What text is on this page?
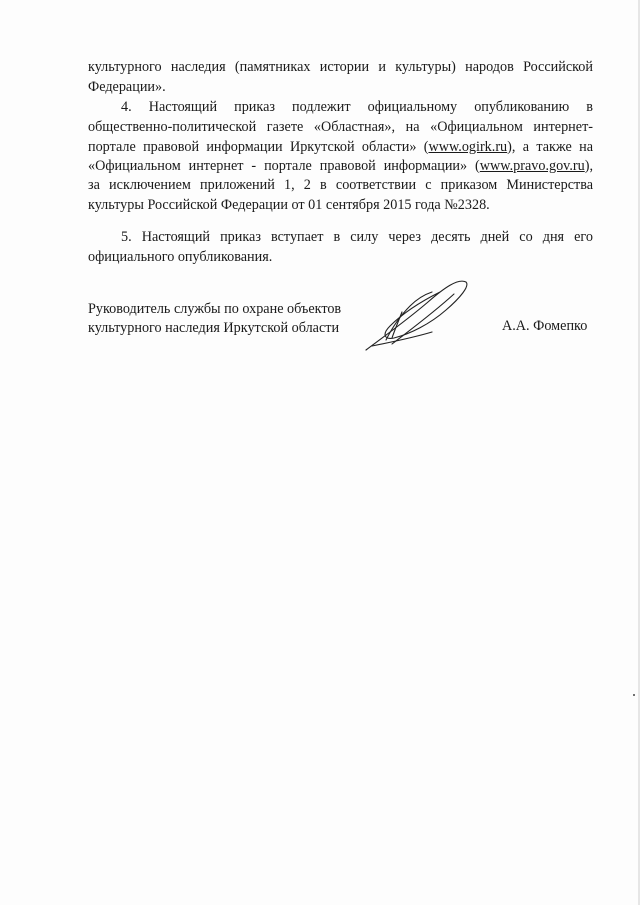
культурного наследия (памятниках истории и культуры) народов Российской
Федерации».
4. Настоящий приказ подлежит официальному опубликованию в
общественно-политической газете «Областная», на «Официальном интернет-
портале правовой информации Иркутской области» (www.ogirk.ru), а также на
«Официальном интернет - портале правовой информации» (www.pravo.gov.ru),
за исключением приложений 1, 2 в соответствии с приказом Министерства
культуры Российской Федерации от 01 сентября 2015 года №2328.
5. Настоящий приказ вступает в силу через десять дней со дня его
официального опубликования.
Руководитель службы по охране объектов
культурного наследия Иркутской области	А.А. Фомепко
